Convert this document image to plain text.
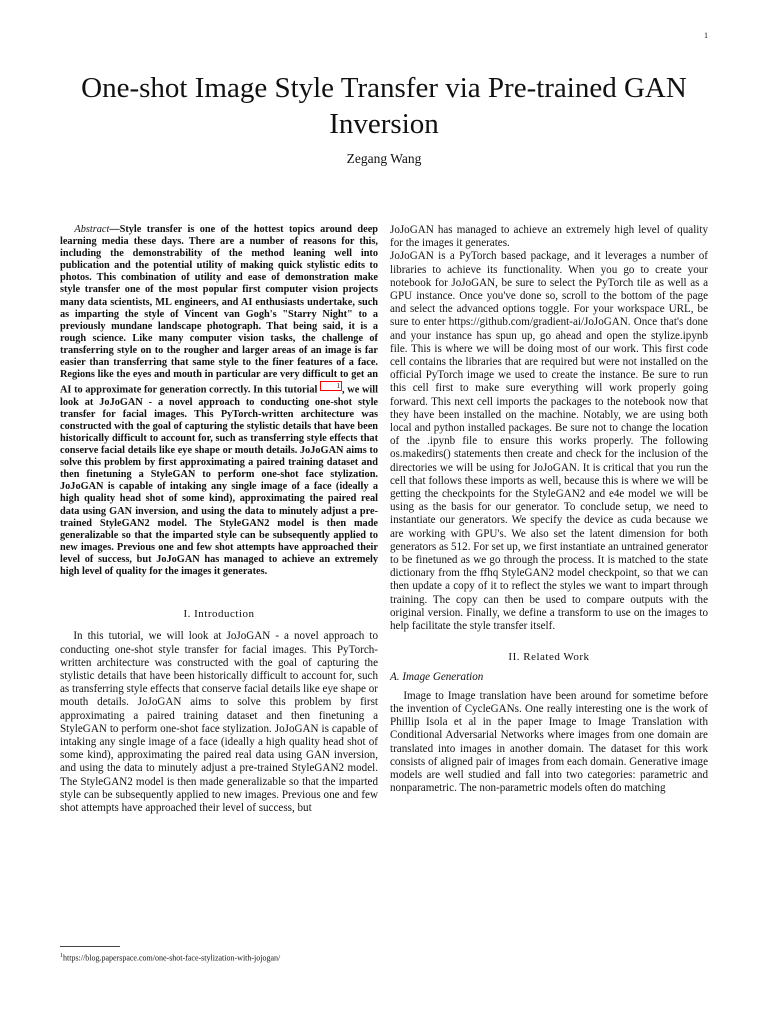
1
One-shot Image Style Transfer via Pre-trained GAN Inversion
Zegang Wang

Abstract—Style transfer is one of the hottest topics around deep learning media these days. There are a number of reasons for this, including the demonstrability of the method leaning well into publication and the potential utility of making quick stylistic edits to photos. This combination of utility and ease of demonstration make style transfer one of the most popular first computer vision projects many data scientists, ML engineers, and AI enthusiasts undertake, such as imparting the style of Vincent van Gogh's "Starry Night" to a previously mundane landscape photograph. That being said, it is a rough science. Like many computer vision tasks, the challenge of transferring style on to the rougher and larger areas of an image is far easier than transferring that same style to the finer features of a face. Regions like the eyes and mouth in particular are very difficult to get an AI to approximate for generation correctly. In this tutorial	1 , we will look at JoJoGAN - a novel approach to conducting one-shot style transfer for facial images. This PyTorch-written architecture was constructed with the goal of capturing the stylistic details that have been historically difficult to account for, such as transferring style effects that conserve facial details like eye shape or mouth details. JoJoGAN aims to solve this problem by first approximating a paired training dataset and then finetuning a StyleGAN to perform one-shot face stylization. JoJoGAN is capable of intaking any single image of a face (ideally a high quality head shot of some kind), approximating the paired real data using GAN inversion, and using the data to minutely adjust a pre-trained StyleGAN2 model. The StyleGAN2 model is then made generalizable so that the imparted style can be subsequently applied to new images. Previous one and few shot attempts have approached their level of success, but JoJoGAN has managed to achieve an extremely high level of quality for the images it generates.

I. Introduction

In this tutorial, we will look at JoJoGAN - a novel approach to conducting one-shot style transfer for facial images. This PyTorch-written architecture was constructed with the goal of capturing the stylistic details that have been historically difficult to account for, such as transferring style effects that conserve facial details like eye shape or mouth details. JoJoGAN aims to solve this problem by first approximating a paired training dataset and then finetuning a StyleGAN to perform one-shot face stylization. JoJoGAN is capable of intaking any single image of a face (ideally a high quality head shot of some kind), approximating the paired real data using GAN inversion, and using the data to minutely adjust a pre-trained StyleGAN2 model. The StyleGAN2 model is then made generalizable so that the imparted style can be subsequently applied to new images. Previous one and few shot attempts have approached their level of success, but

JoJoGAN has managed to achieve an extremely high level of quality for the images it generates.

JoJoGAN is a PyTorch based package, and it leverages a number of libraries to achieve its functionality. When you go to create your notebook for JoJoGAN, be sure to select the PyTorch tile as well as a GPU instance. Once you've done so, scroll to the bottom of the page and select the advanced options toggle. For your workspace URL, be sure to enter https://github.com/gradient-ai/JoJoGAN. Once that's done and your instance has spun up, go ahead and open the stylize.ipynb file. This is where we will be doing most of our work. This first code cell contains the libraries that are required but were not installed on the official PyTorch image we used to create the instance. Be sure to run this cell first to make sure everything will work properly going forward. This next cell imports the packages to the notebook now that they have been installed on the machine. Notably, we are using both local and python installed packages. Be sure not to change the location of the .ipynb file to ensure this works properly. The following os.makedirs() statements then create and check for the inclusion of the directories we will be using for JoJoGAN. It is critical that you run the cell that follows these imports as well, because this is where we will be getting the checkpoints for the StyleGAN2 and e4e model we will be using as the basis for our generator. To conclude setup, we need to instantiate our generators. We specify the device as cuda because we are working with GPU's. We also set the latent dimension for both generators as 512. For set up, we first instantiate an untrained generator to be finetuned as we go through the process. It is matched to the state dictionary from the ffhq StyleGAN2 model checkpoint, so that we can then update a copy of it to reflect the styles we want to impart through training. The copy can then be used to compare outputs with the original version. Finally, we define a transform to use on the images to help facilitate the style transfer itself.

II. Related Work
A. Image Generation

Image to Image translation have been around for sometime before the invention of CycleGANs. One really interesting one is the work of Phillip Isola et al in the paper Image to Image Translation with Conditional Adversarial Networks where images from one domain are translated into images in another domain. The dataset for this work consists of aligned pair of images from each domain. Generative image models are well studied and fall into two categories: parametric and nonparametric. The non-parametric models often do matching

$^1$https://blog.paperspace.com/one-shot-face-stylization-with-jojogan/
